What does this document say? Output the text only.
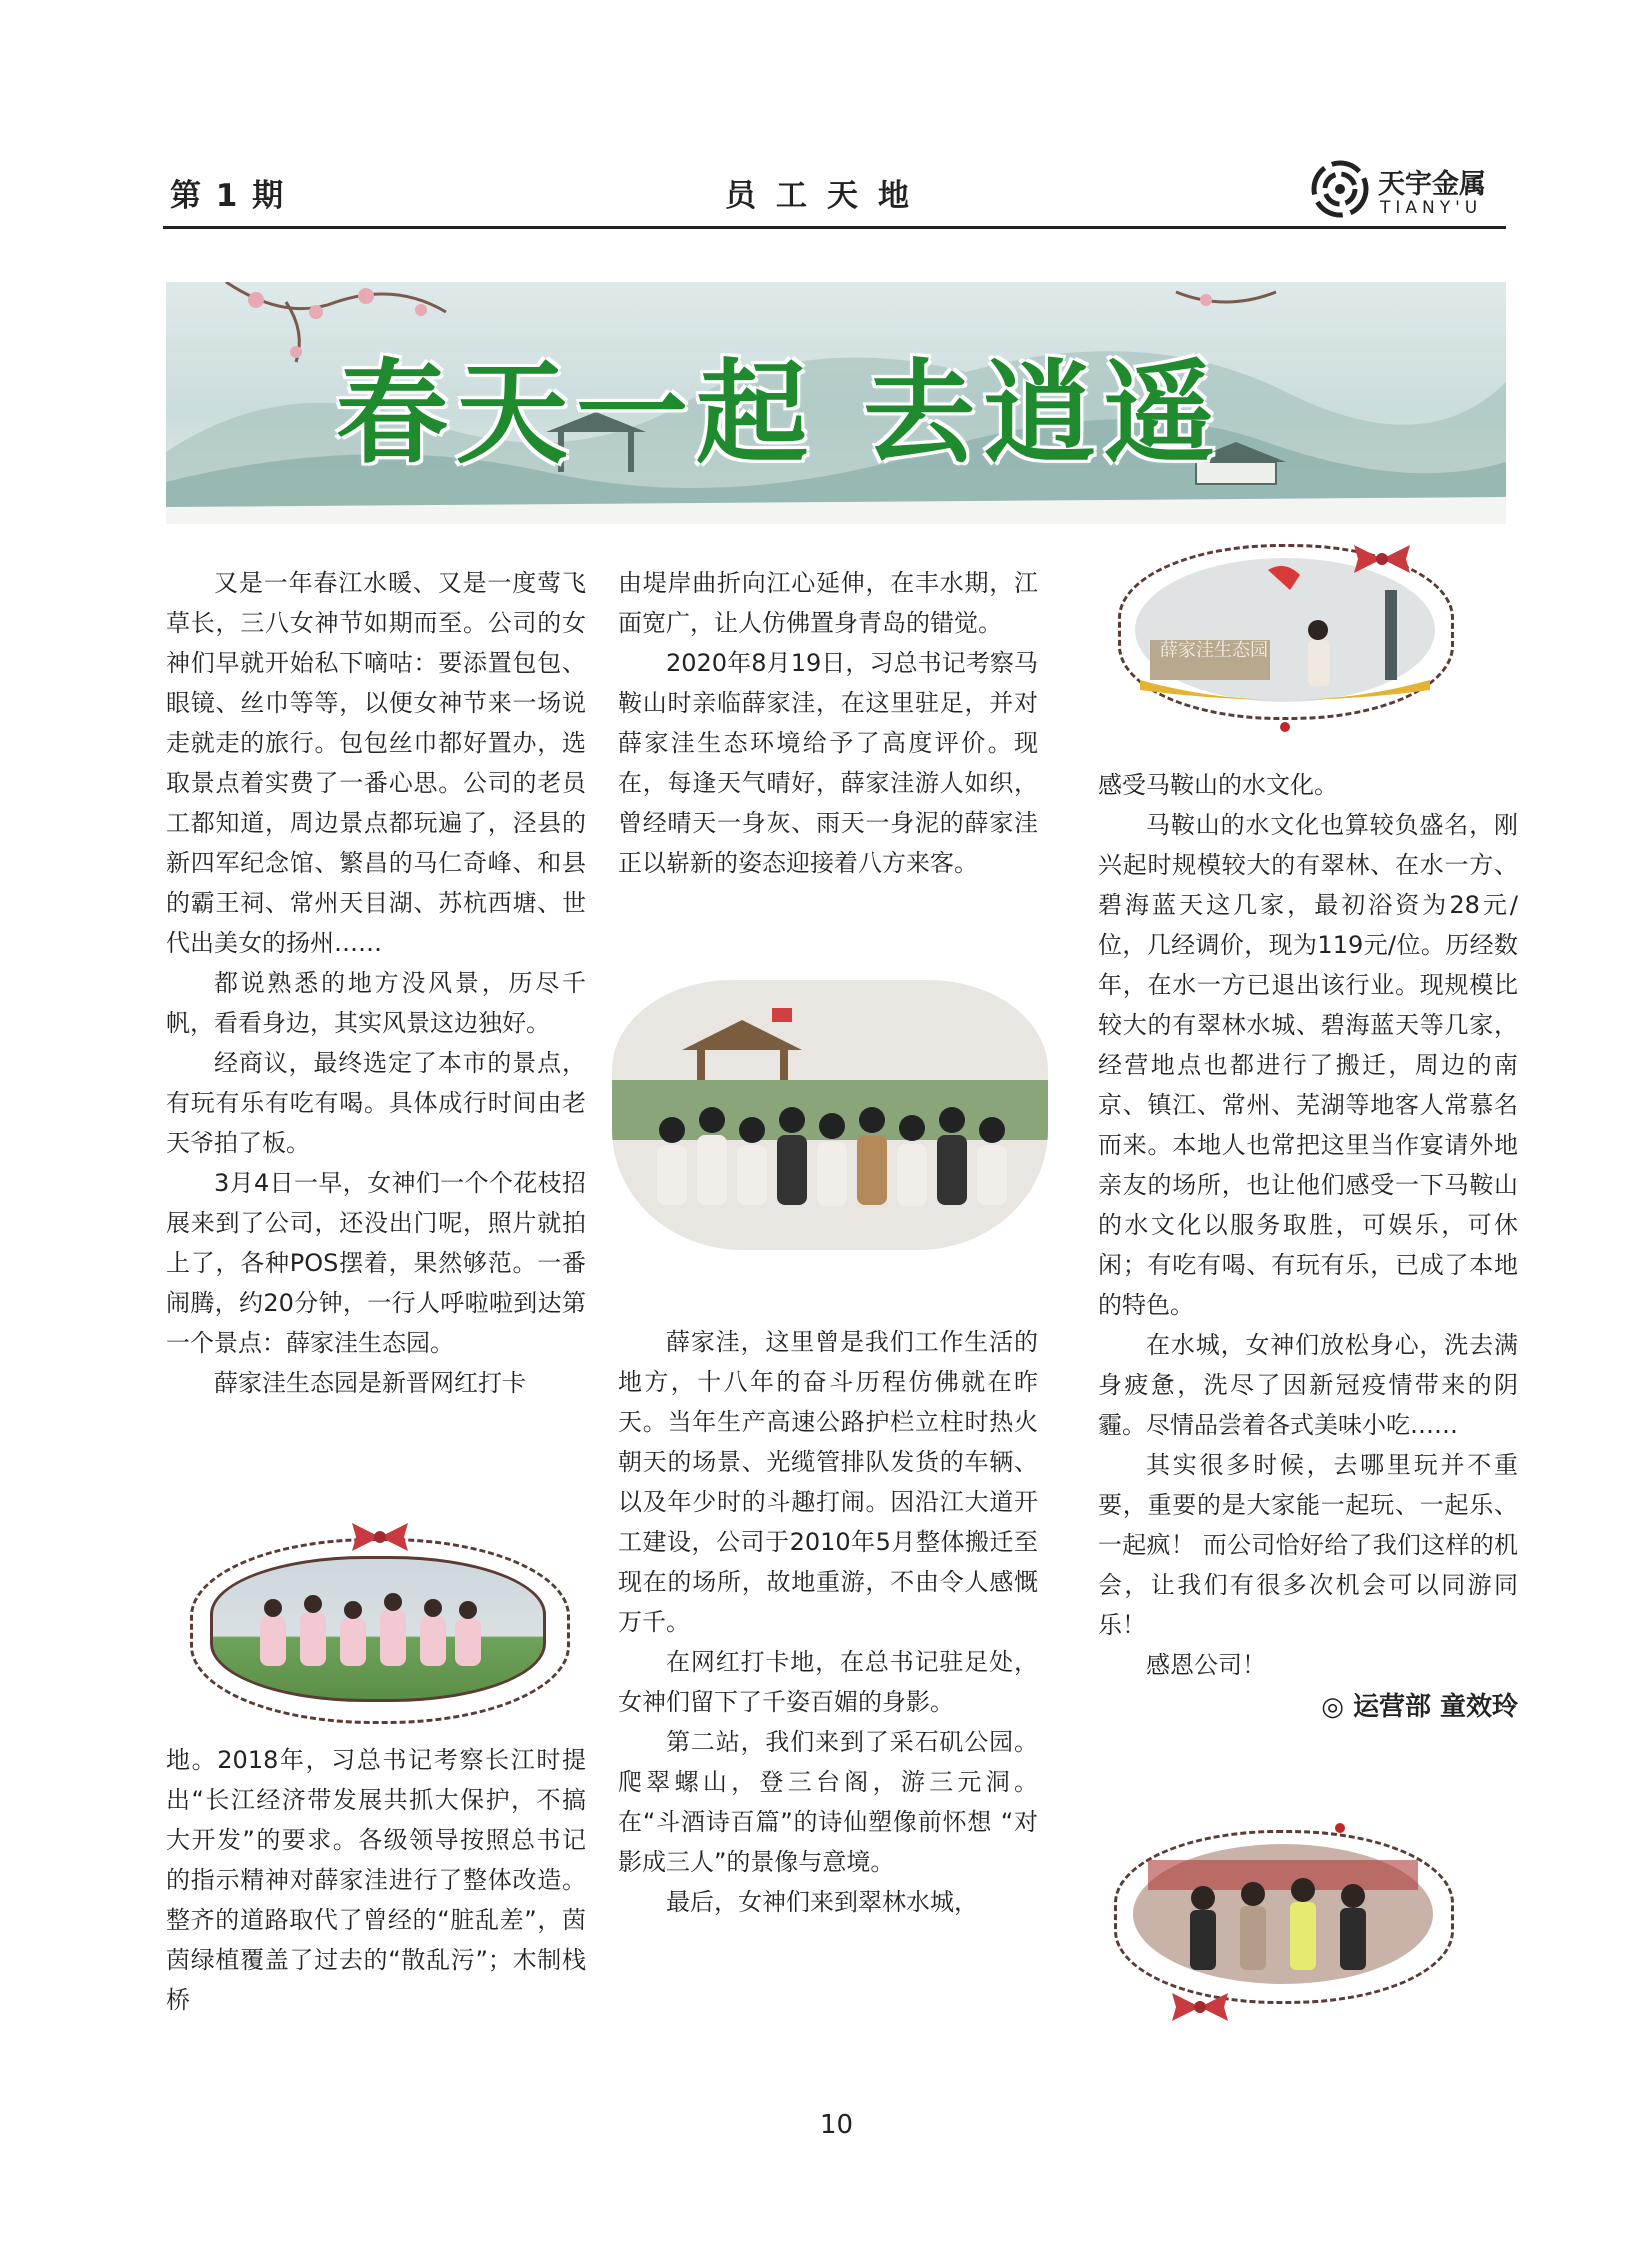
第 1 期	员工天地	天宇金属
TIANY'U
春天一起 去逍遥

又是一年春江水暖、又是一度莺飞草长，三八女神节如期而至。公司的女神们早就开始私下嘀咕：要添置包包、眼镜、丝巾等等，以便女神节来一场说走就走的旅行。包包丝巾都好置办，选取景点着实费了一番心思。公司的老员工都知道，周边景点都玩遍了，泾县的新四军纪念馆、繁昌的马仁奇峰、和县的霸王祠、常州天目湖、苏杭西塘、世代出美女的扬州……

都说熟悉的地方没风景，历尽千帆，看看身边，其实风景这边独好。

经商议，最终选定了本市的景点，有玩有乐有吃有喝。具体成行时间由老天爷拍了板。

3月4日一早，女神们一个个花枝招展来到了公司，还没出门呢，照片就拍上了，各种POS摆着，果然够范。一番闹腾，约20分钟，一行人呼啦啦到达第一个景点：薛家洼生态园。

薛家洼生态园是新晋网红打卡

地。2018年，习总书记考察长江时提出“长江经济带发展共抓大保护，不搞大开发”的要求。各级领导按照总书记的指示精神对薛家洼进行了整体改造。整齐的道路取代了曾经的“脏乱差”，茵茵绿植覆盖了过去的“散乱污”；木制栈桥

由堤岸曲折向江心延伸，在丰水期，江面宽广，让人仿佛置身青岛的错觉。

2020年8月19日，习总书记考察马鞍山时亲临薛家洼，在这里驻足，并对薛家洼生态环境给予了高度评价。现在，每逢天气晴好，薛家洼游人如织，曾经晴天一身灰、雨天一身泥的薛家洼正以崭新的姿态迎接着八方来客。

薛家洼，这里曾是我们工作生活的地方，十八年的奋斗历程仿佛就在昨天。当年生产高速公路护栏立柱时热火朝天的场景、光缆管排队发货的车辆、以及年少时的斗趣打闹。因沿江大道开工建设，公司于2010年5月整体搬迁至现在的场所，故地重游，不由令人感慨万千。

在网红打卡地，在总书记驻足处，女神们留下了千姿百媚的身影。

第二站，我们来到了采石矶公园。爬翠螺山，登三台阁，游三元洞。在“斗酒诗百篇”的诗仙塑像前怀想 “对影成三人”的景像与意境。

最后，女神们来到翠林水城，

薛家洼生态园

感受马鞍山的水文化。

马鞍山的水文化也算较负盛名，刚兴起时规模较大的有翠林、在水一方、碧海蓝天这几家，最初浴资为28元/位，几经调价，现为119元/位。历经数年，在水一方已退出该行业。现规模比较大的有翠林水城、碧海蓝天等几家，经营地点也都进行了搬迁，周边的南京、镇江、常州、芜湖等地客人常慕名而来。本地人也常把这里当作宴请外地亲友的场所，也让他们感受一下马鞍山的水文化以服务取胜，可娱乐，可休闲；有吃有喝、有玩有乐，已成了本地的特色。

在水城，女神们放松身心，洗去满身疲惫，洗尽了因新冠疫情带来的阴霾。尽情品尝着各式美味小吃……

其实很多时候，去哪里玩并不重要，重要的是大家能一起玩、一起乐、一起疯！ 而公司恰好给了我们这样的机会，让我们有很多次机会可以同游同乐！

感恩公司！

◎ 运营部 童效玲
10
